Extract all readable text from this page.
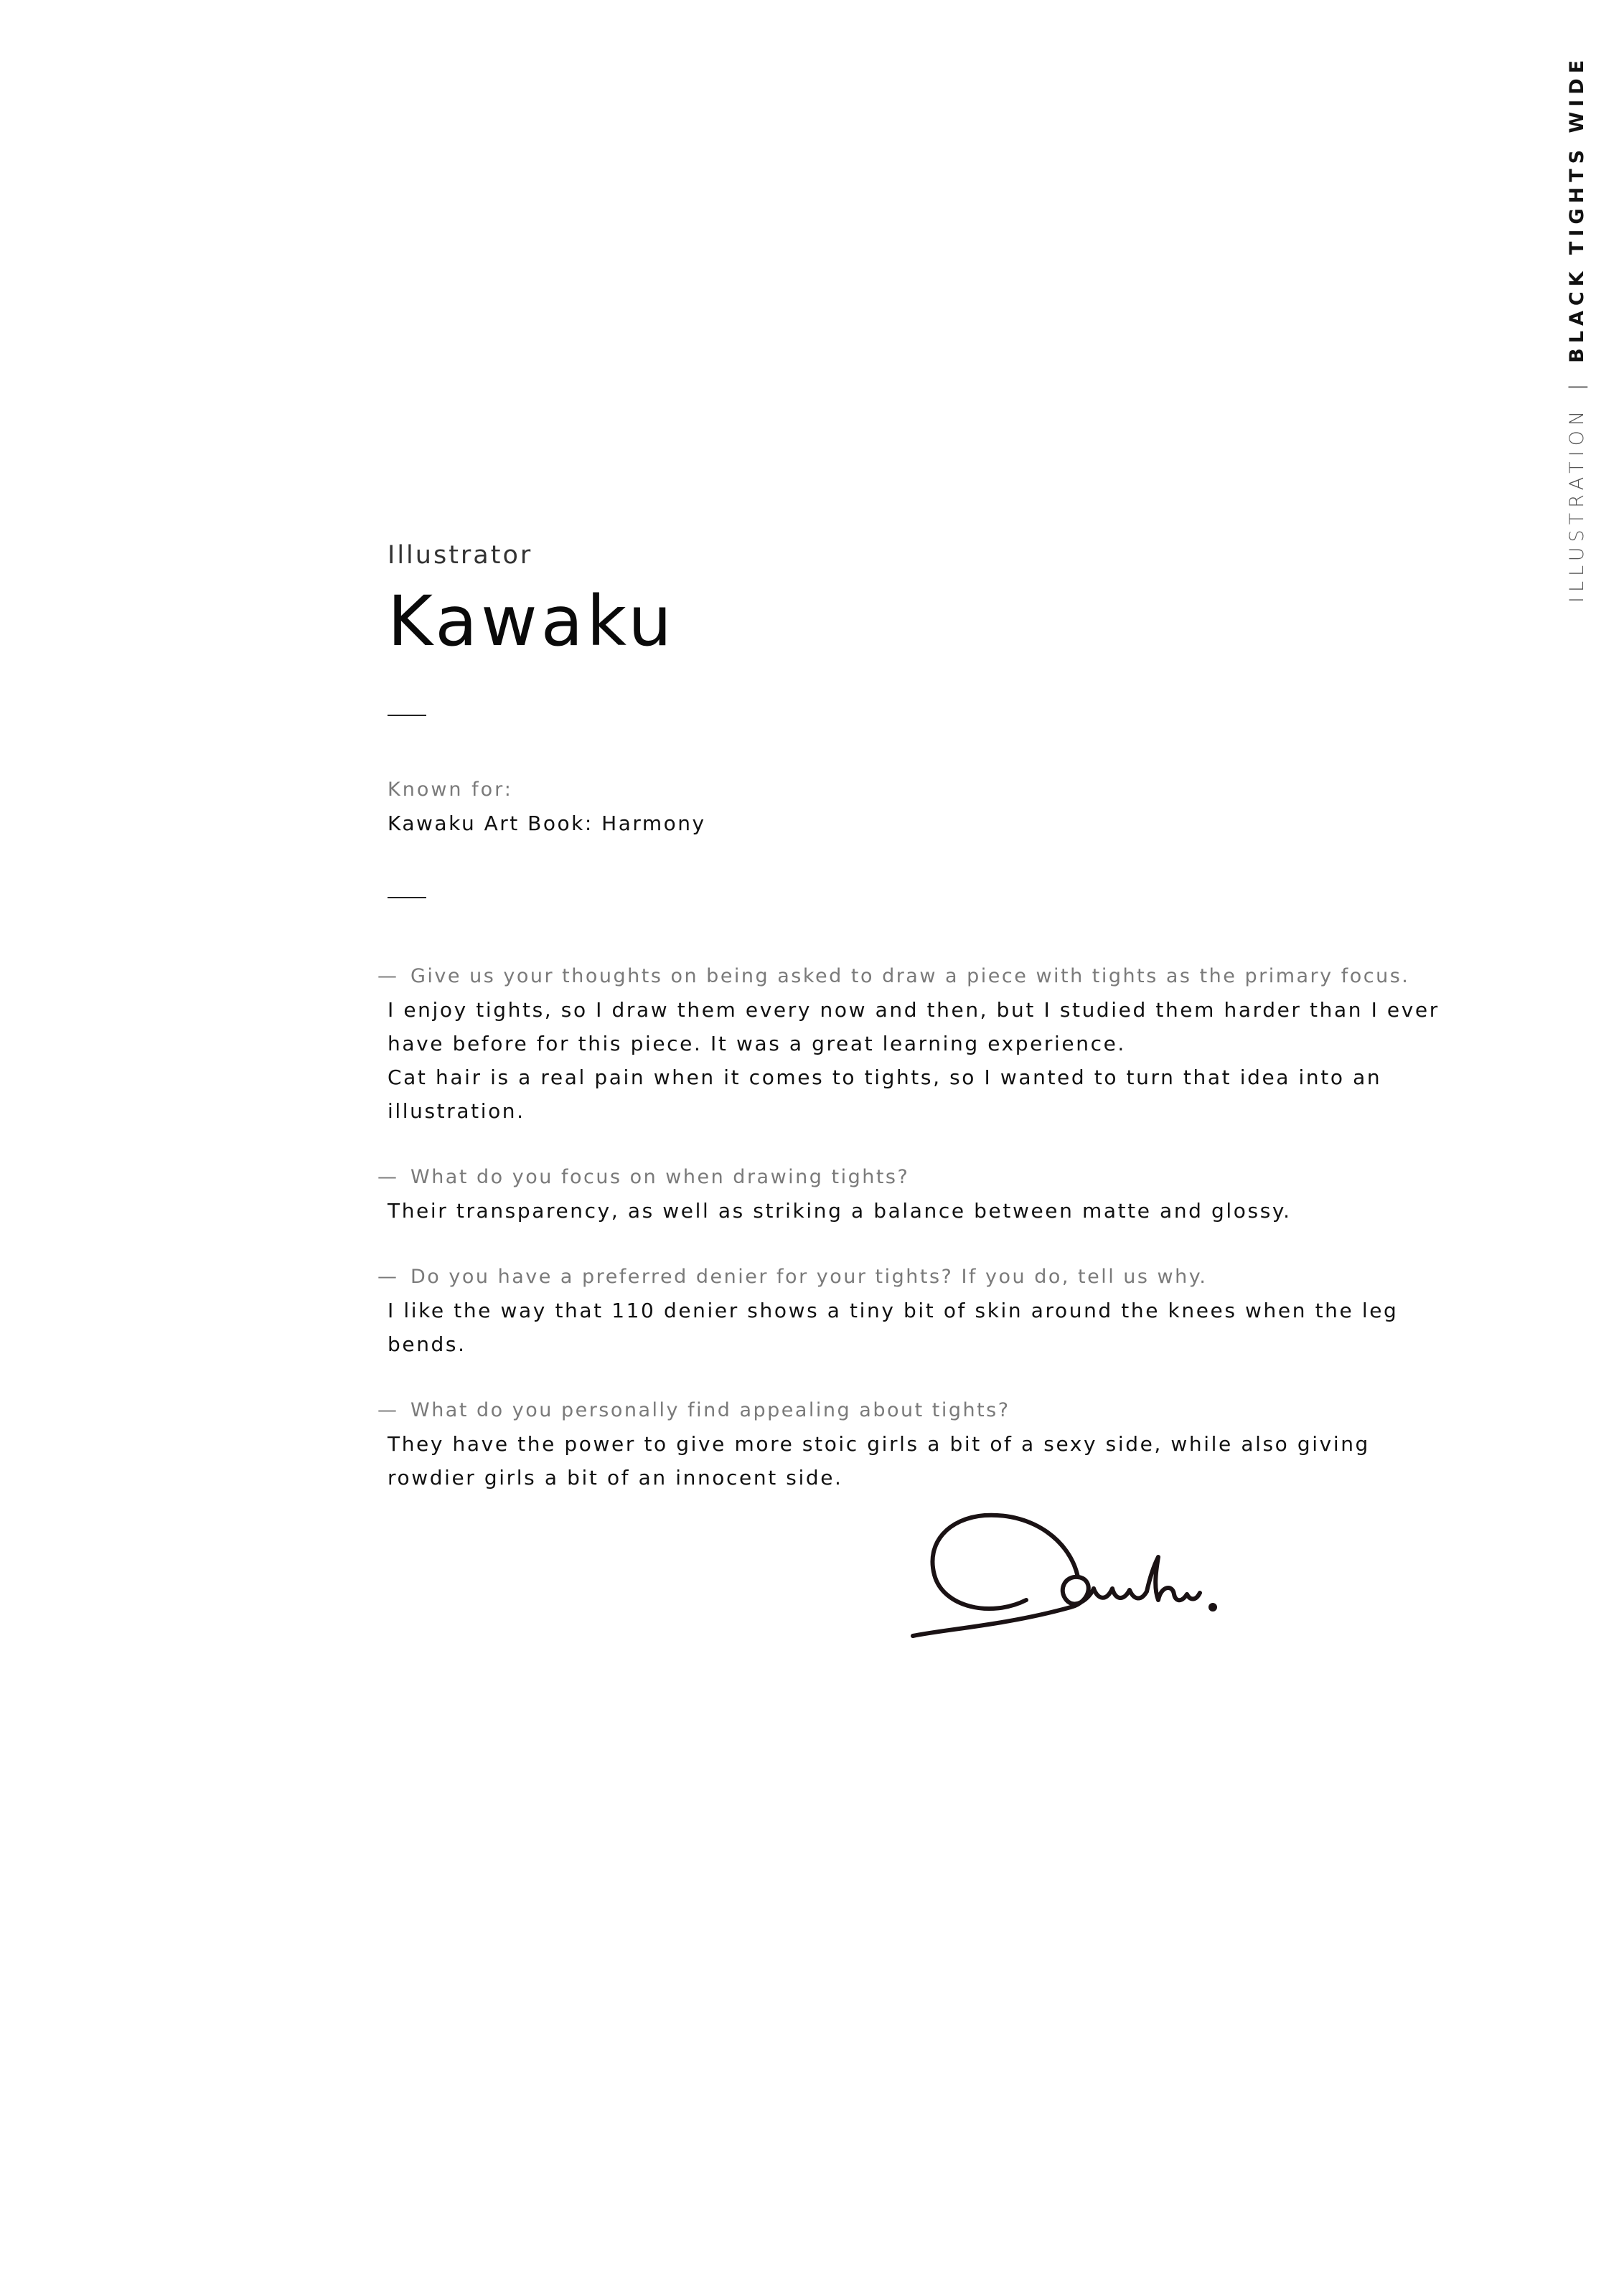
ILLUSTRATION|BLACK TIGHTS WIDE

Illustrator

Kawaku
Known for:
Kawaku Art Book: Harmony
— Give us your thoughts on being asked to draw a piece with tights as the primary focus.
I enjoy tights, so I draw them every now and then, but I studied them harder than I ever have before for this piece. It was a great learning experience.
Cat hair is a real pain when it comes to tights, so I wanted to turn that idea into an illustration.
— What do you focus on when drawing tights?
Their transparency, as well as striking a balance between matte and glossy.
— Do you have a preferred denier for your tights? If you do, tell us why.
I like the way that 110 denier shows a tiny bit of skin around the knees when the leg bends.
— What do you personally find appealing about tights?
They have the power to give more stoic girls a bit of a sexy side, while also giving rowdier girls a bit of an innocent side.
